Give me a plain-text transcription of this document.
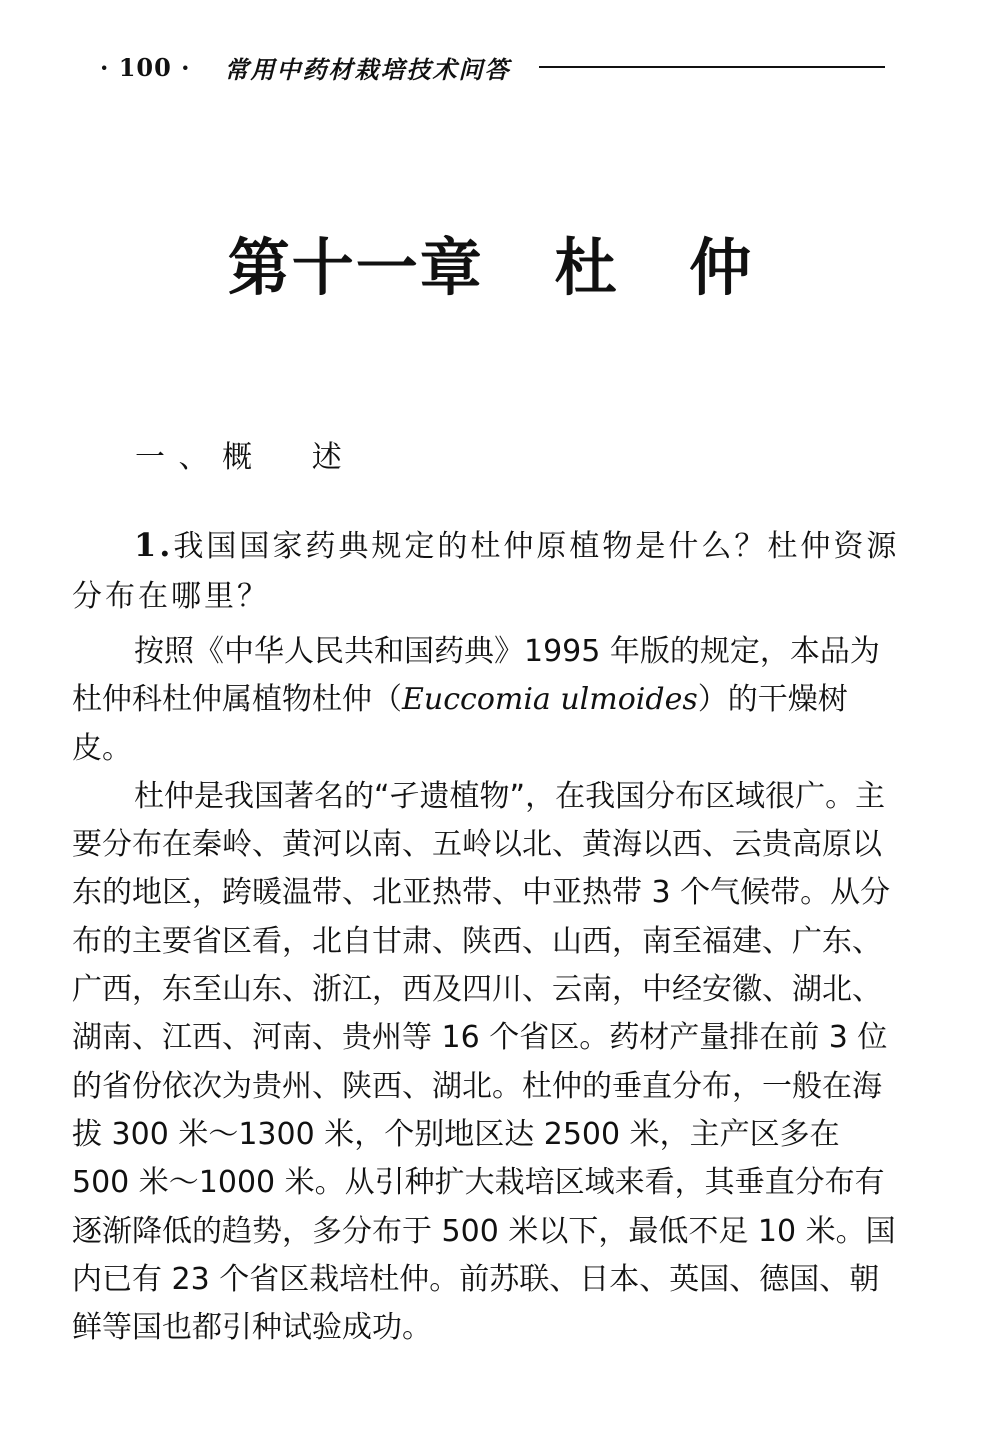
· 100 · 常用中药材栽培技术问答
第十一章   杜   仲
一 、 概     述

1.我国国家药典规定的杜仲原植物是什么？杜仲资源分布在哪里？

按照《中华人民共和国药典》1995 年版的规定，本品为杜仲科杜仲属植物杜仲（Euccomia ulmoides）的干燥树皮。

杜仲是我国著名的“孑遗植物”，在我国分布区域很广。主要分布在秦岭、黄河以南、五岭以北、黄海以西、云贵高原以东的地区，跨暖温带、北亚热带、中亚热带 3 个气候带。从分布的主要省区看，北自甘肃、陕西、山西，南至福建、广东、广西，东至山东、浙江，西及四川、云南，中经安徽、湖北、湖南、江西、河南、贵州等 16 个省区。药材产量排在前 3 位的省份依次为贵州、陕西、湖北。杜仲的垂直分布，一般在海拔 300 米～1300 米，个别地区达 2500 米，主产区多在 500 米～1000 米。从引种扩大栽培区域来看，其垂直分布有逐渐降低的趋势，多分布于 500 米以下，最低不足 10 米。国内已有 23 个省区栽培杜仲。前苏联、日本、英国、德国、朝鲜等国也都引种试验成功。
